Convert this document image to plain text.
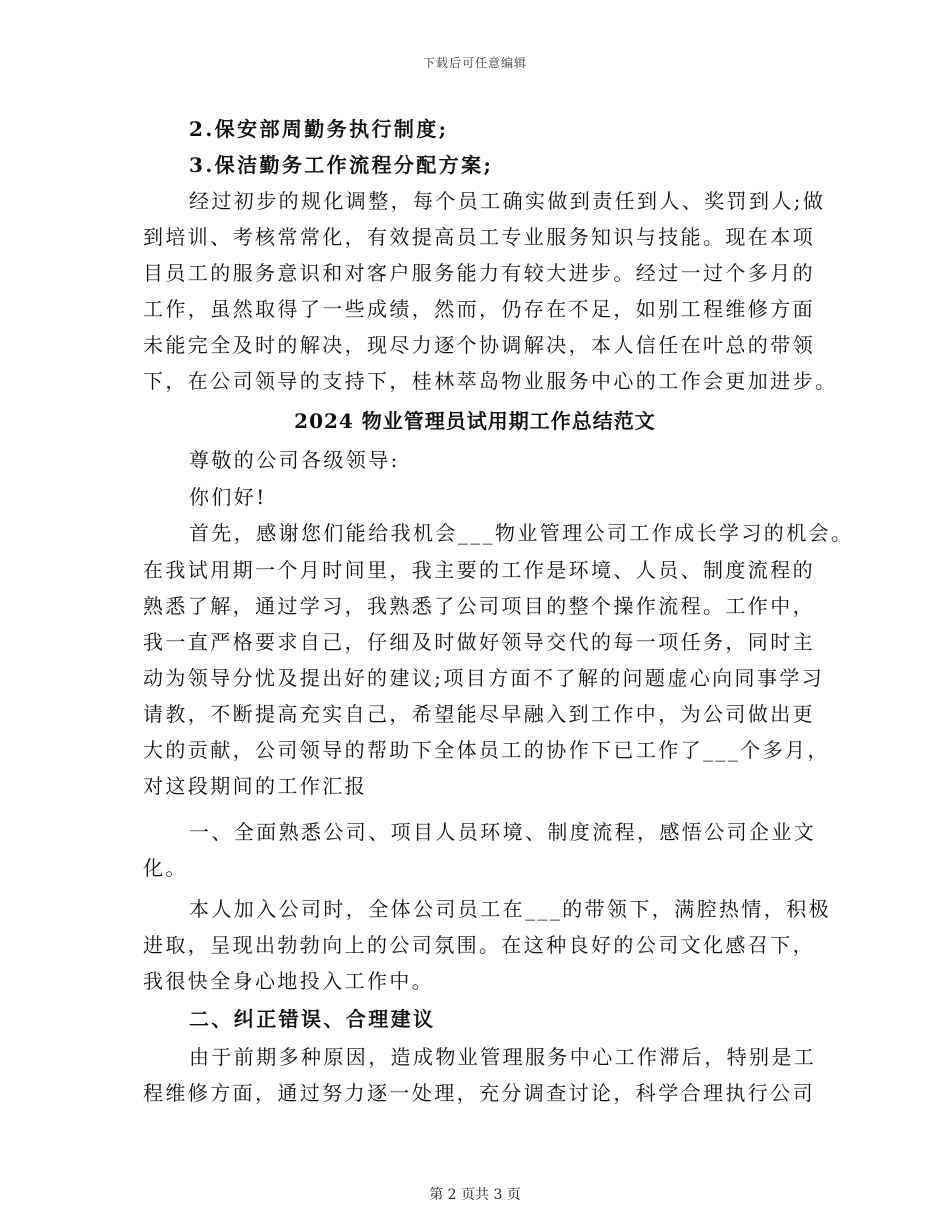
下载后可任意编辑
2.保安部周勤务执行制度;
3.保洁勤务工作流程分配方案;
经过初步的规化调整，每个员工确实做到责任到人、奖罚到人;做
到培训、考核常常化，有效提高员工专业服务知识与技能。现在本项
目员工的服务意识和对客户服务能力有较大进步。经过一过个多月的
工作，虽然取得了一些成绩，然而，仍存在不足，如别工程维修方面
未能完全及时的解决，现尽力逐个协调解决，本人信任在叶总的带领
下，在公司领导的支持下，桂林萃岛物业服务中心的工作会更加进步。
2024 物业管理员试用期工作总结范文
尊敬的公司各级领导:
你们好!
首先，感谢您们能给我机会___物业管理公司工作成长学习的机会。
在我试用期一个月时间里，我主要的工作是环境、人员、制度流程的
熟悉了解，通过学习，我熟悉了公司项目的整个操作流程。工作中，
我一直严格要求自己，仔细及时做好领导交代的每一项任务，同时主
动为领导分忧及提出好的建议;项目方面不了解的问题虚心向同事学习
请教，不断提高充实自己，希望能尽早融入到工作中，为公司做出更
大的贡献，公司领导的帮助下全体员工的协作下已工作了___个多月，
对这段期间的工作汇报
一、全面熟悉公司、项目人员环境、制度流程，感悟公司企业文
化。
本人加入公司时，全体公司员工在___的带领下，满腔热情，积极
进取，呈现出勃勃向上的公司氛围。在这种良好的公司文化感召下，
我很快全身心地投入工作中。
二、纠正错误、合理建议
由于前期多种原因，造成物业管理服务中心工作滞后，特别是工
程维修方面，通过努力逐一处理，充分调查讨论，科学合理执行公司
第 2 页共 3 页
